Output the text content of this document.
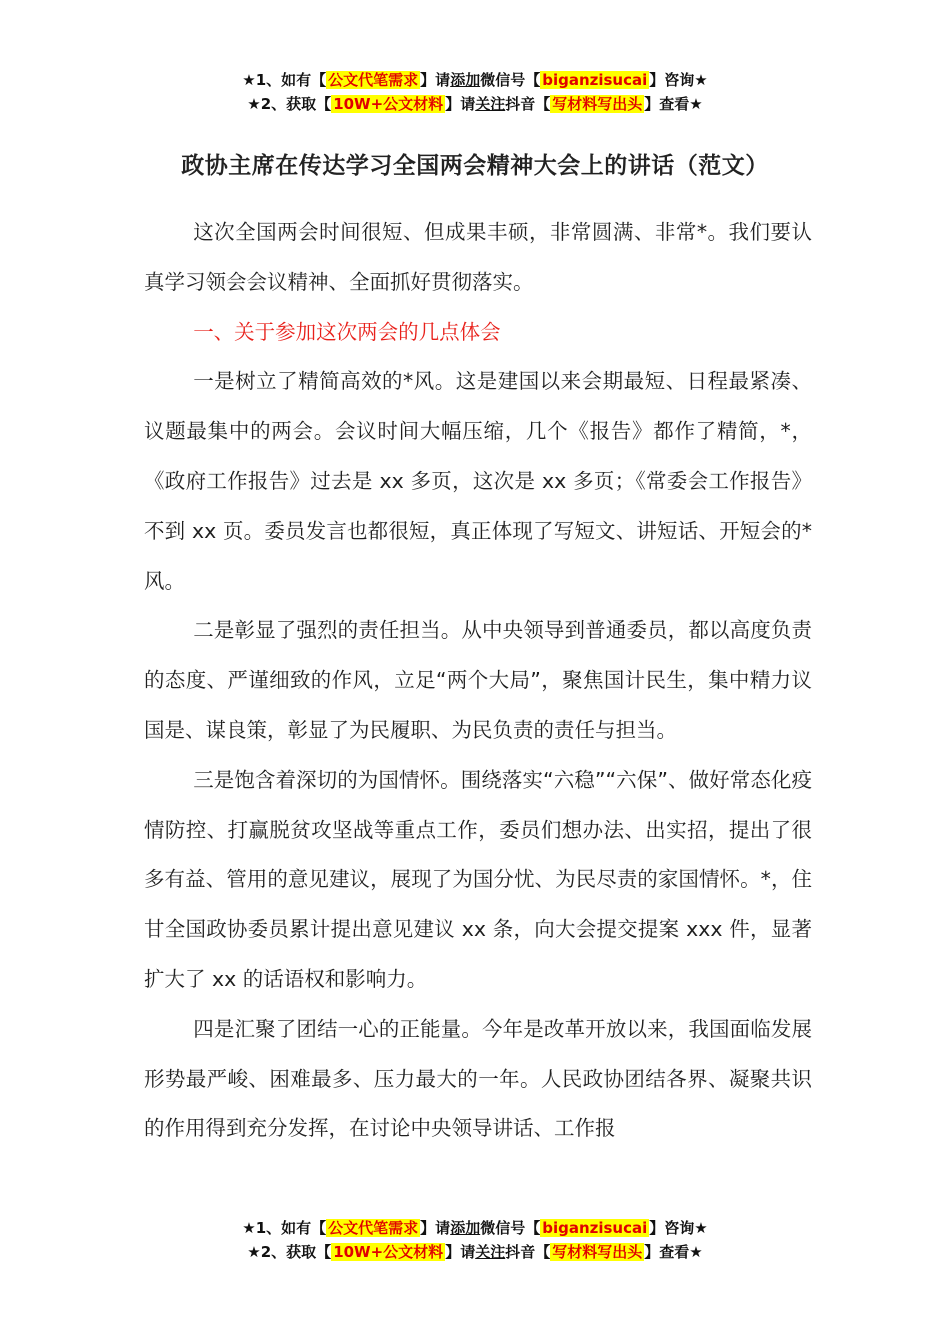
★1、如有【 公文代笔需求 】请添加微信号【 biganzisucai 】咨询★
★2、获取【 10W+公文材料 】请关注抖音【 写材料写出头 】查看★
政协主席在传达学习全国两会精神大会上的讲话（范文）

这次全国两会时间很短、但成果丰硕，非常圆满、非常*。我们要认真学习领会会议精神、全面抓好贯彻落实。

一、关于参加这次两会的几点体会

一是树立了精简高效的*风。这是建国以来会期最短、日程最紧凑、议题最集中的两会。会议时间大幅压缩，几个《报告》都作了精简，*，《政府工作报告》过去是 xx 多页，这次是 xx 多页；《常委会工作报告》不到 xx 页。委员发言也都很短，真正体现了写短文、讲短话、开短会的*风。

二是彰显了强烈的责任担当。从中央领导到普通委员，都以高度负责的态度、严谨细致的作风，立足“两个大局”，聚焦国计民生，集中精力议国是、谋良策，彰显了为民履职、为民负责的责任与担当。

三是饱含着深切的为国情怀。围绕落实“六稳”“六保”、做好常态化疫情防控、打赢脱贫攻坚战等重点工作，委员们想办法、出实招，提出了很多有益、管用的意见建议，展现了为国分忧、为民尽责的家国情怀。*，住甘全国政协委员累计提出意见建议 xx 条，向大会提交提案 xxx 件，显著扩大了 xx 的话语权和影响力。

四是汇聚了团结一心的正能量。今年是改革开放以来，我国面临发展形势最严峻、困难最多、压力最大的一年。人民政协团结各界、凝聚共识的作用得到充分发挥，在讨论中央领导讲话、工作报

★1、如有【 公文代笔需求 】请添加微信号【 biganzisucai 】咨询★
★2、获取【 10W+公文材料 】请关注抖音【 写材料写出头 】查看★
